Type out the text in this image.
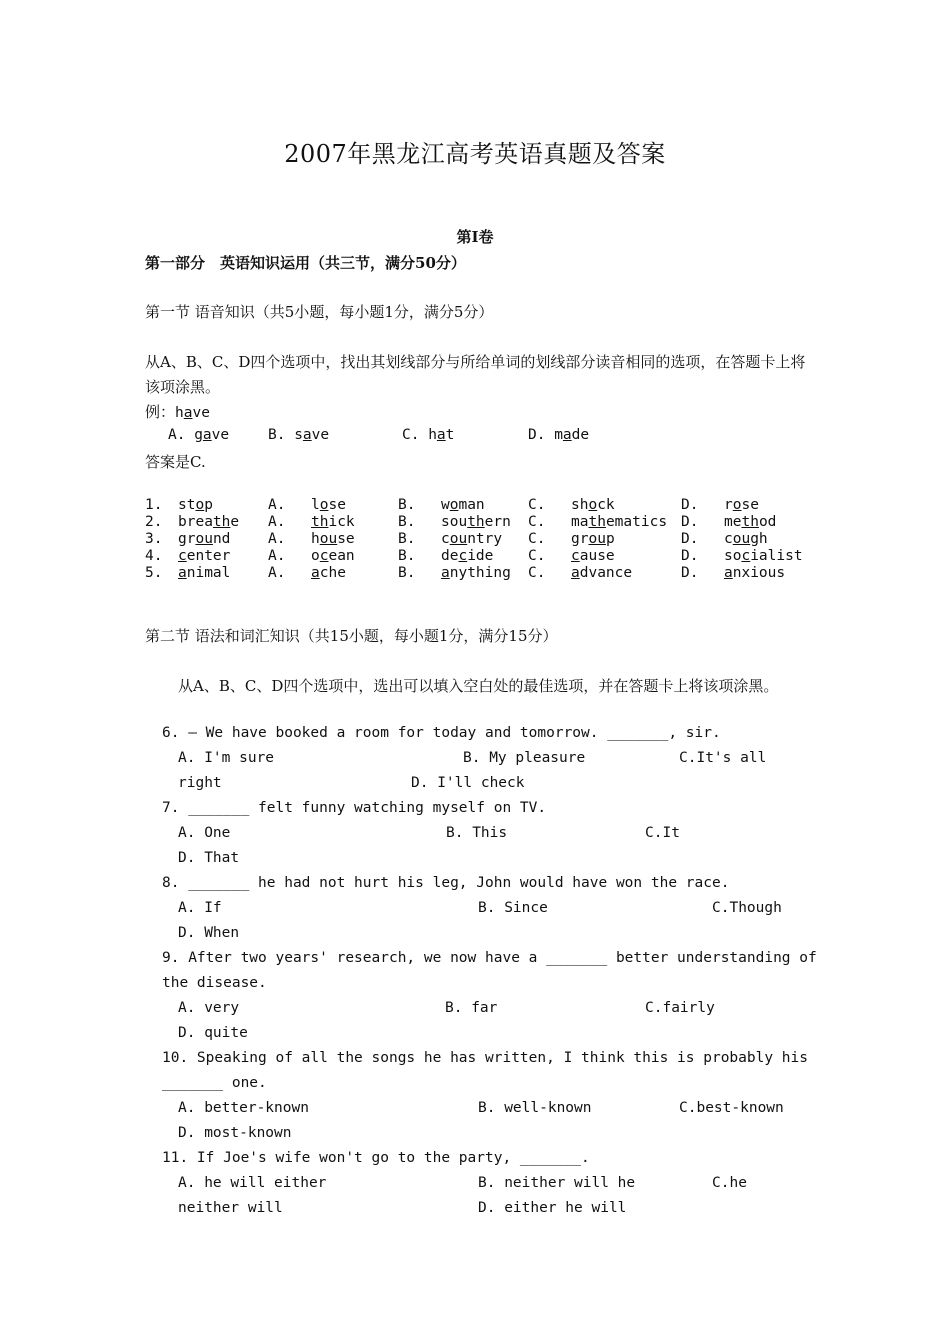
2007年黑龙江高考英语真题及答案
第Ⅰ卷
第一部分　英语知识运用（共三节，满分50分）
第一节 语音知识（共5小题，每小题1分，满分5分）
从A、B、C、D四个选项中，找出其划线部分与所给单词的划线部分读音相同的选项，在答题卡上将该项涂黑。
例：have
A. gave	B. save	C. hat	D. made
答案是C.
1.	stop	A.	lose	B.	woman	C.	shock	D.	rose
2.	breathe	A.	thick	B.	southern	C.	mathematics	D.	method
3.	ground	A.	house	B.	country	C.	group	D.	cough
4.	center	A.	ocean	B.	decide	C.	cause	D.	socialist
5.	animal	A.	ache	B.	anything	C.	advance	D.	anxious
第二节 语法和词汇知识（共15小题，每小题1分，满分15分）
从A、B、C、D四个选项中，选出可以填入空白处的最佳选项，并在答题卡上将该项涂黑。
6. — We have booked a room for today and tomorrow. _______, sir.
A. I'm sure	B. My pleasure	C.It's all
right	D. I'll check
7. _______ felt funny watching myself on TV.
A. One	B. This	C.It
D. That
8. _______ he had not hurt his leg, John would have won the race.
A. If	B. Since	C.Though
D. When
9. After two years' research, we now have a _______ better understanding of
the disease.
A. very	B. far	C.fairly
D. quite
10. Speaking of all the songs he has written, I think this is probably his
_______ one.
A. better-known	B. well-known	C.best-known
D. most-known
11. If Joe's wife won't go to the party, _______.
A. he will either	B. neither will he	C.he
neither will	D. either he will
